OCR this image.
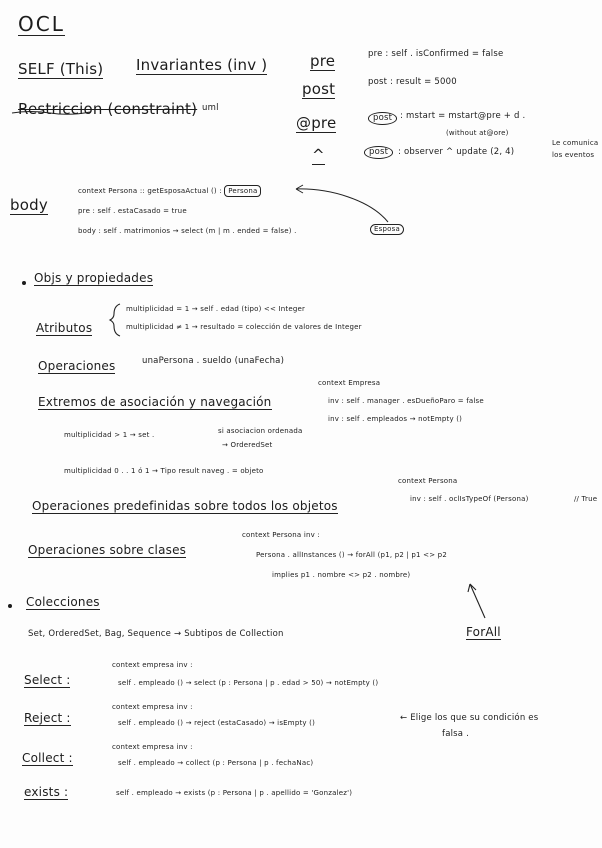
OCL
SELF (This) Invariantes (inv )	pre	pre : self . isConfirmed = false
post	post : result = 5000
Restriccion (constraint) uml
@pre	post : mstart = mstart@pre + d .
(without at@ore)
^	post	: observer ^ update (2, 4)
Le comunica
los eventos
body
context Persona :: getEsposaActual () : Persona
pre : self . estaCasado = true
body : self . matrimonios → select (m | m . ended = false) .	Esposa
Objs y propiedades
Atributos
multiplicidad = 1 → self . edad (tipo) << Integer
multiplicidad ≠ 1 → resultado = colección de valores de Integer
Operaciones	unaPersona . sueldo (unaFecha)
context Empresa
Extremos de asociación y navegación	inv : self . manager . esDueñoParo = false
inv : self . empleados → notEmpty ()
multiplicidad > 1 → set .	si asociacion ordenada
→ OrderedSet
multiplicidad 0 . . 1 ó 1 → Tipo result naveg . = objeto
context Persona
Operaciones predefinidas sobre todos los objetos	inv : self . oclIsTypeOf (Persona)	// True
context Persona inv :
Operaciones sobre clases	Persona . allInstances () → forAll (p1, p2 | p1 <> p2
implies p1 . nombre <> p2 . nombre)
Colecciones
Set, OrderedSet, Bag, Sequence → Subtipos de Collection	ForAll
context empresa inv :
Select :	self . empleado () → select (p : Persona | p . edad > 50) → notEmpty ()
context empresa inv :
Reject :	self . empleado () → reject (estaCasado) → isEmpty ()	← Elige los que su condición es
falsa .
context empresa inv :
Collect :	self . empleado → collect (p : Persona | p . fechaNac)
exists :	self . empleado → exists (p : Persona | p . apellido = 'Gonzalez')
